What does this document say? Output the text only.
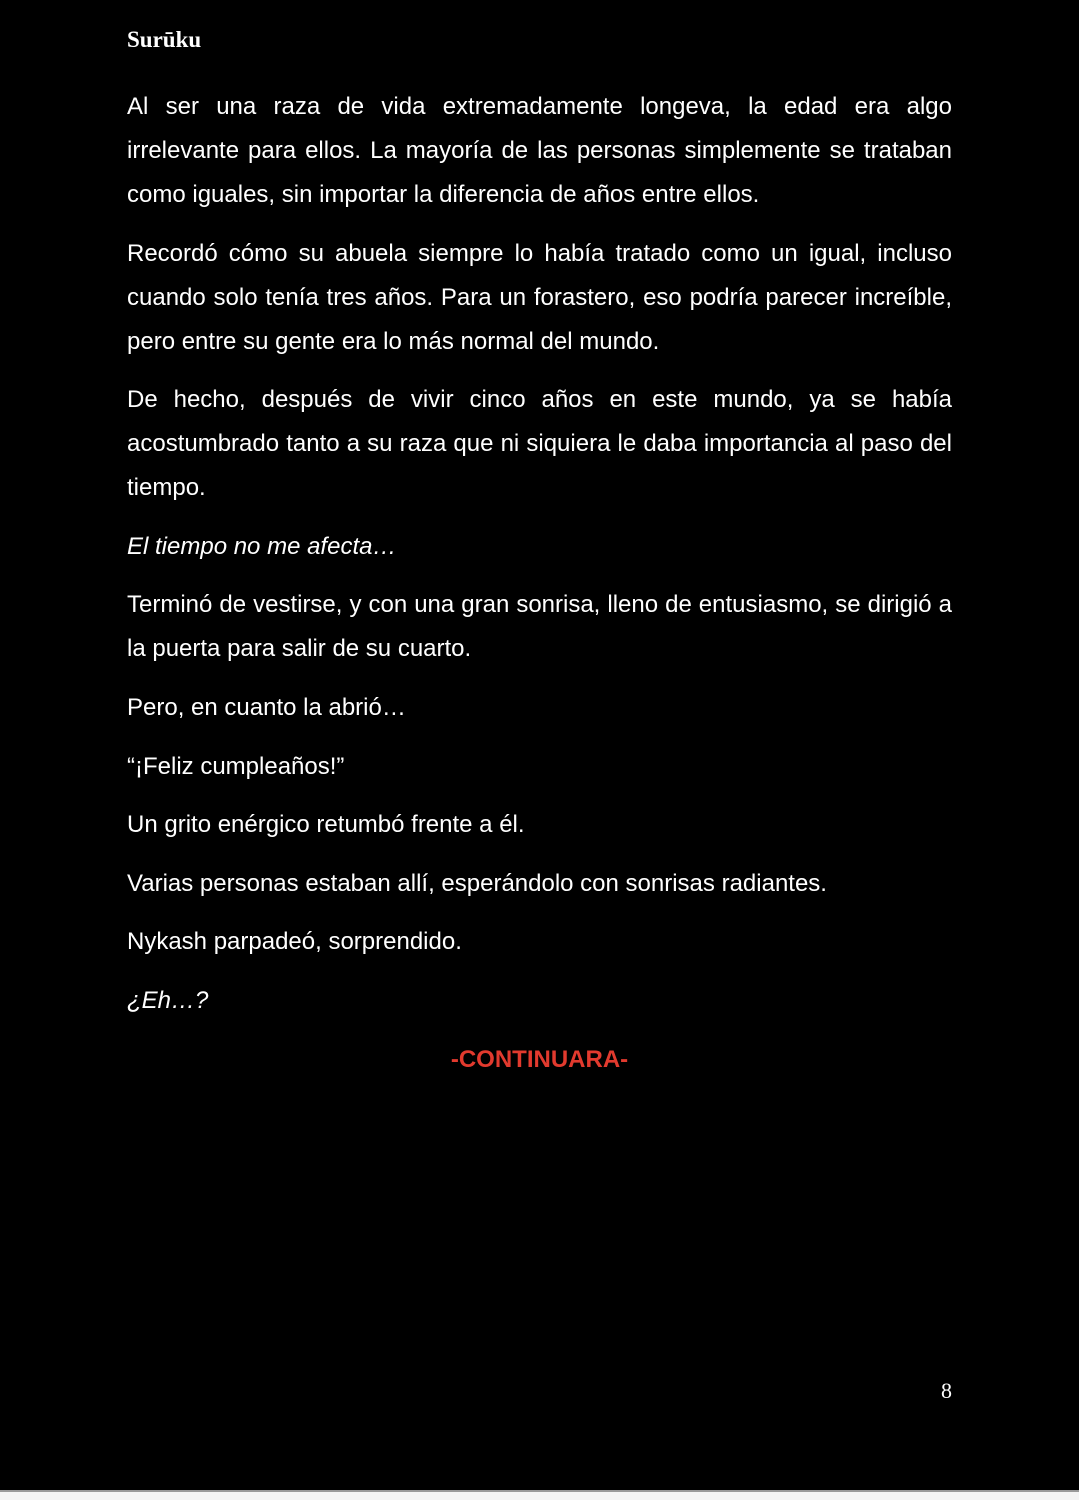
Surūku

Al ser una raza de vida extremadamente longeva, la edad era algo irrelevante para ellos. La mayoría de las personas simplemente se trataban como iguales, sin importar la diferencia de años entre ellos.

Recordó cómo su abuela siempre lo había tratado como un igual, incluso cuando solo tenía tres años. Para un forastero, eso podría parecer increíble, pero entre su gente era lo más normal del mundo.

De hecho, después de vivir cinco años en este mundo, ya se había acostumbrado tanto a su raza que ni siquiera le daba importancia al paso del tiempo.

El tiempo no me afecta…

Terminó de vestirse, y con una gran sonrisa, lleno de entusiasmo, se dirigió a la puerta para salir de su cuarto.

Pero, en cuanto la abrió…

“¡Feliz cumpleaños!”

Un grito enérgico retumbó frente a él.

Varias personas estaban allí, esperándolo con sonrisas radiantes.

Nykash parpadeó, sorprendido.

¿Eh…?

-CONTINUARA-

8
